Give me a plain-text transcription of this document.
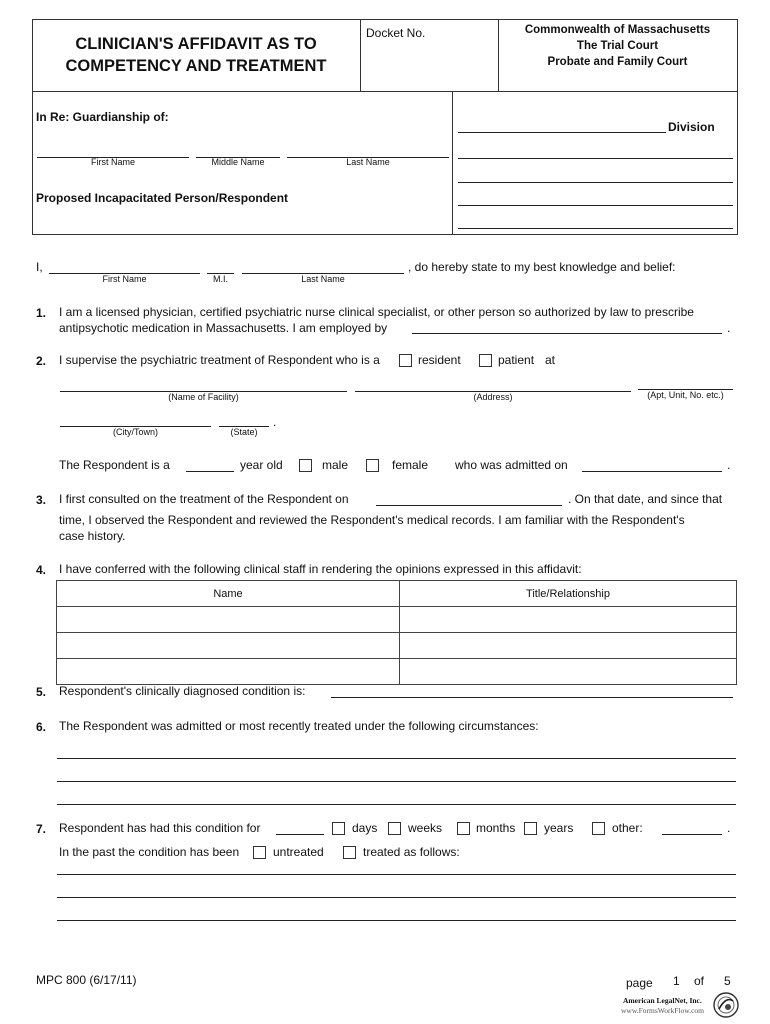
CLINICIAN'S AFFIDAVIT AS TO
COMPETENCY AND TREATMENT
Docket No.	Commonwealth of Massachusetts
The Trial Court
Probate and Family Court
In Re: Guardianship of:
First Name	Middle Name	Last Name
Proposed Incapacitated Person/Respondent
Division
I,
First Name	M.I.	Last Name
, do hereby state to my best knowledge and belief:
1. I am a licensed physician, certified psychiatric nurse clinical specialist, or other person so authorized by law to prescribe
antipsychotic medication in Massachusetts. I am employed by	.
2. I supervise the psychiatric treatment of Respondent who is a	resident	patient at
(Name of Facility)	(Address)	(Apt, Unit, No. etc.)
(City/Town)	(State)
.
The Respondent is a	year old	male	female who was admitted on	.
3. I first consulted on the treatment of the Respondent on	. On that date, and since that
time, I observed the Respondent and reviewed the Respondent's medical records. I am familiar with the Respondent's
case history.
4. I have conferred with the following clinical staff in rendering the opinions expressed in this affidavit:
Name	Title/Relationship

5. Respondent's clinically diagnosed condition is:
6. The Respondent was admitted or most recently treated under the following circumstances:
7. Respondent has had this condition for	days	weeks	months years	other:	.
In the past the condition has been	untreated	treated as follows:
MPC 800 (6/17/11)	page 1 of 5
American LegalNet, Inc.
www.FormsWorkFlow.com
